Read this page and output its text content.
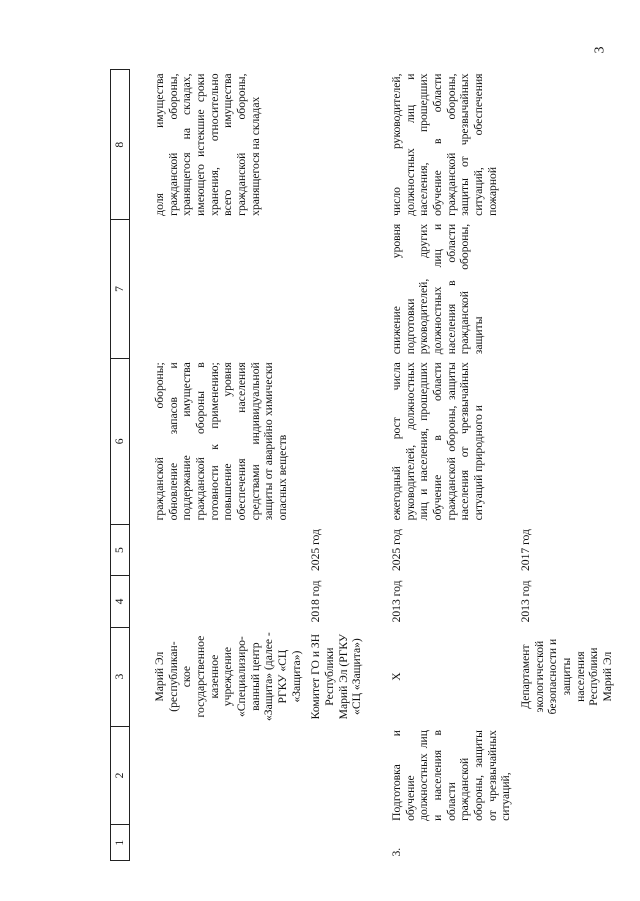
3
1	2	3	4	5	6	7	8

		Марий Эл (республикан-ское государственное казенное учреждение «Специализиро-ванный центр «Защита» (далее - РГКУ «СЦ «Защита»)			гражданской обороны; обновление запасов и поддержание имущества гражданской обороны в готовности к применению; повышение уровня обеспечения населения средствами индивидуальной защиты от аварийно химически опасных веществ		доля имущества гражданской обороны, хранящегося на складах, имеющего истекшие сроки хранения, относительно всего имущества гражданской обороны, хранящегося на складах
		Комитет ГО и ЗН Республики Марий Эл (РГКУ «СЦ «Защита»)	2018 год	2025 год			

3.	Подготовка и обучение должностных лиц и населения в области гражданской обороны, защиты от чрезвычайных ситуаций,	Х	2013 год	2025 год	ежегодный рост числа руководителей, должностных лиц и населения, прошедших обучение в области гражданской обороны, защиты населения от чрезвычайных ситуаций природного и	снижение уровня подготовки руководителей, других должностных лиц и населения в области гражданской обороны, защиты	число руководителей, должностных лиц и населения, прошедших обучение в области гражданской обороны, защиты от чрезвычайных ситуаций, обеспечения пожарной
		Департамент экологической безопасности и защиты населения Республики Марий Эл	2013 год	2017 год			
